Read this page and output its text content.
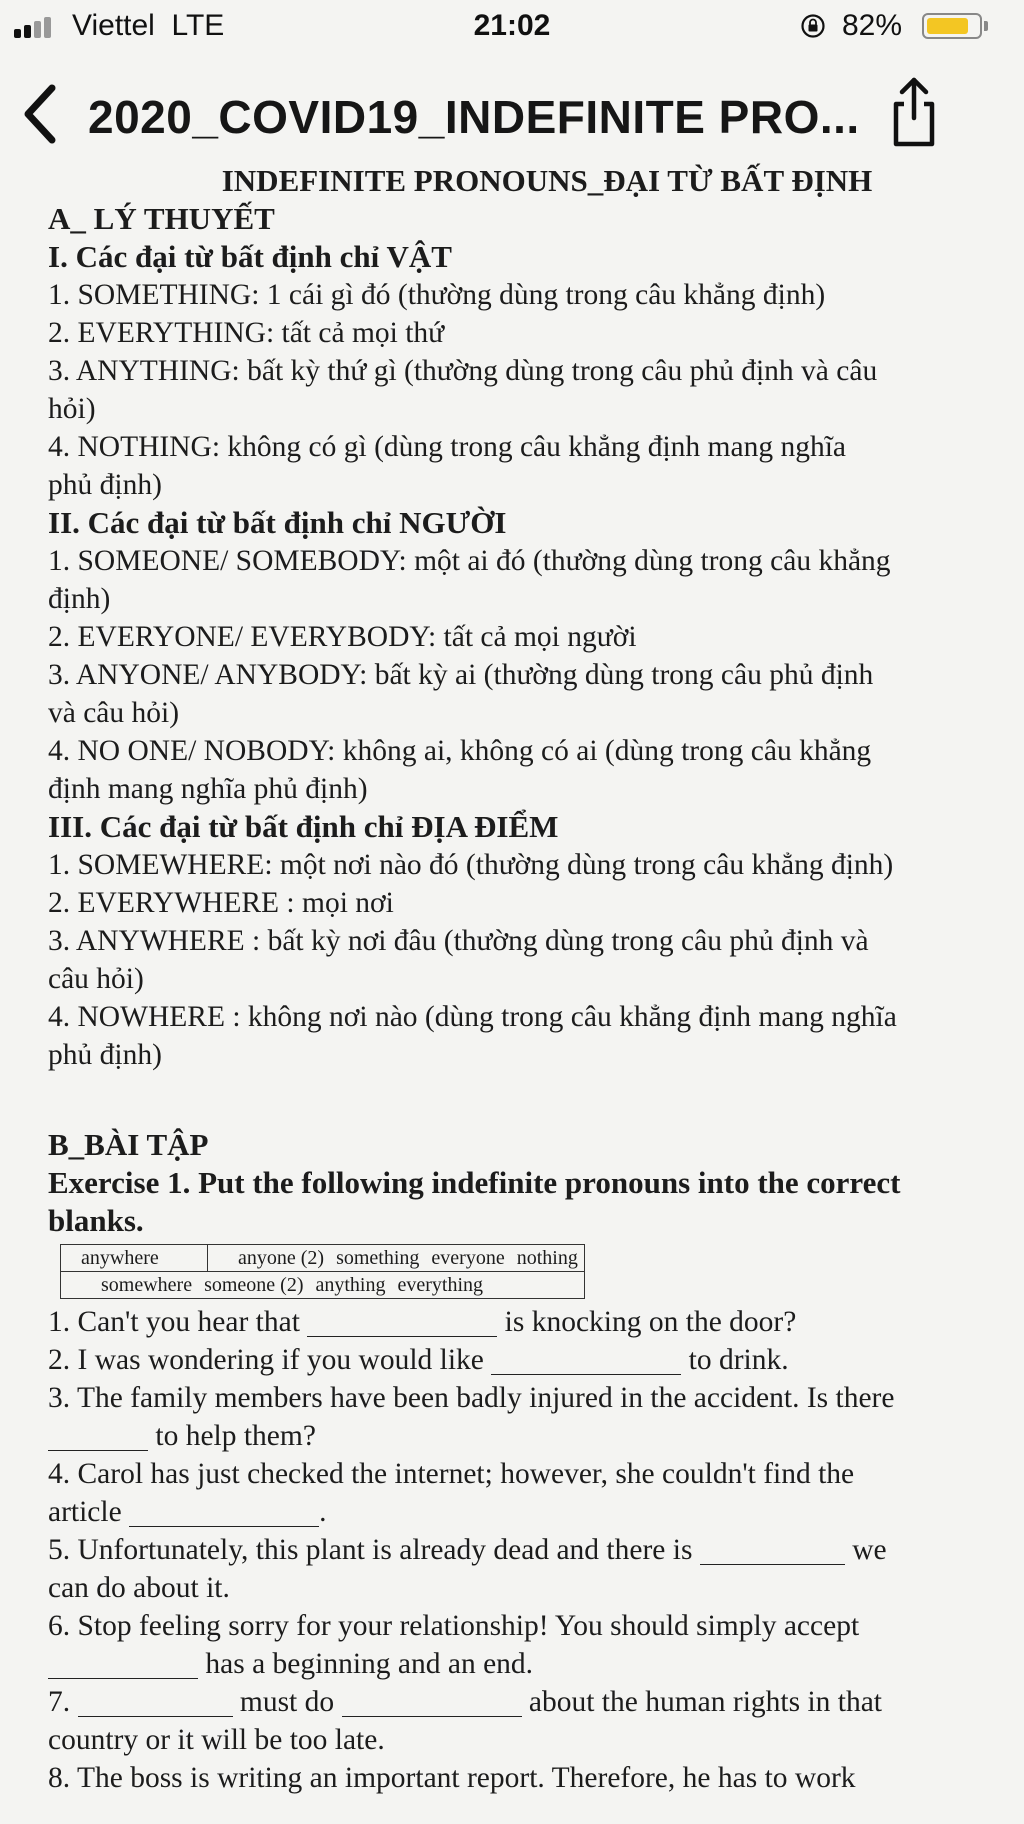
Viettel LTE	21:02	82%
2020_COVID19_INDEFINITE PRO...

INDEFINITE PRONOUNS_ĐẠI TỪ BẤT ĐỊNH

A_ LÝ THUYẾT

I. Các đại từ bất định chỉ VẬT

1. SOMETHING: 1 cái gì đó (thường dùng trong câu khẳng định)

2. EVERYTHING: tất cả mọi thứ

3. ANYTHING: bất kỳ thứ gì (thường dùng trong câu phủ định và câu

hỏi)

4. NOTHING: không có gì (dùng trong câu khẳng định mang nghĩa

phủ định)

II. Các đại từ bất định chỉ NGƯỜI

1. SOMEONE/ SOMEBODY: một ai đó (thường dùng trong câu khẳng

định)

2. EVERYONE/ EVERYBODY: tất cả mọi người

3. ANYONE/ ANYBODY: bất kỳ ai (thường dùng trong câu phủ định

và câu hỏi)

4. NO ONE/ NOBODY: không ai, không có ai (dùng trong câu khẳng

định mang nghĩa phủ định)

III. Các đại từ bất định chỉ ĐỊA ĐIỂM

1. SOMEWHERE: một nơi nào đó (thường dùng trong câu khẳng định)

2. EVERYWHERE : mọi nơi

3. ANYWHERE : bất kỳ nơi đâu (thường dùng trong câu phủ định và

câu hỏi)

4. NOWHERE : không nơi nào (dùng trong câu khẳng định mang nghĩa

phủ định)

B_BÀI TẬP

Exercise 1. Put the following indefinite pronouns into the correct

blanks.

anywhere	anyone (2) something everyone nothing
somewhere someone (2) anything everything

1. Can't you hear that	is knocking on the door?

2. I was wondering if you would like	to drink.

3. The family members have been badly injured in the accident. Is there

to help them?

4. Carol has just checked the internet; however, she couldn't find the

article	.

5. Unfortunately, this plant is already dead and there is	we

can do about it.

6. Stop feeling sorry for your relationship! You should simply accept

has a beginning and an end.

7.	must do	about the human rights in that

country or it will be too late.

8. The boss is writing an important report. Therefore, he has to work
